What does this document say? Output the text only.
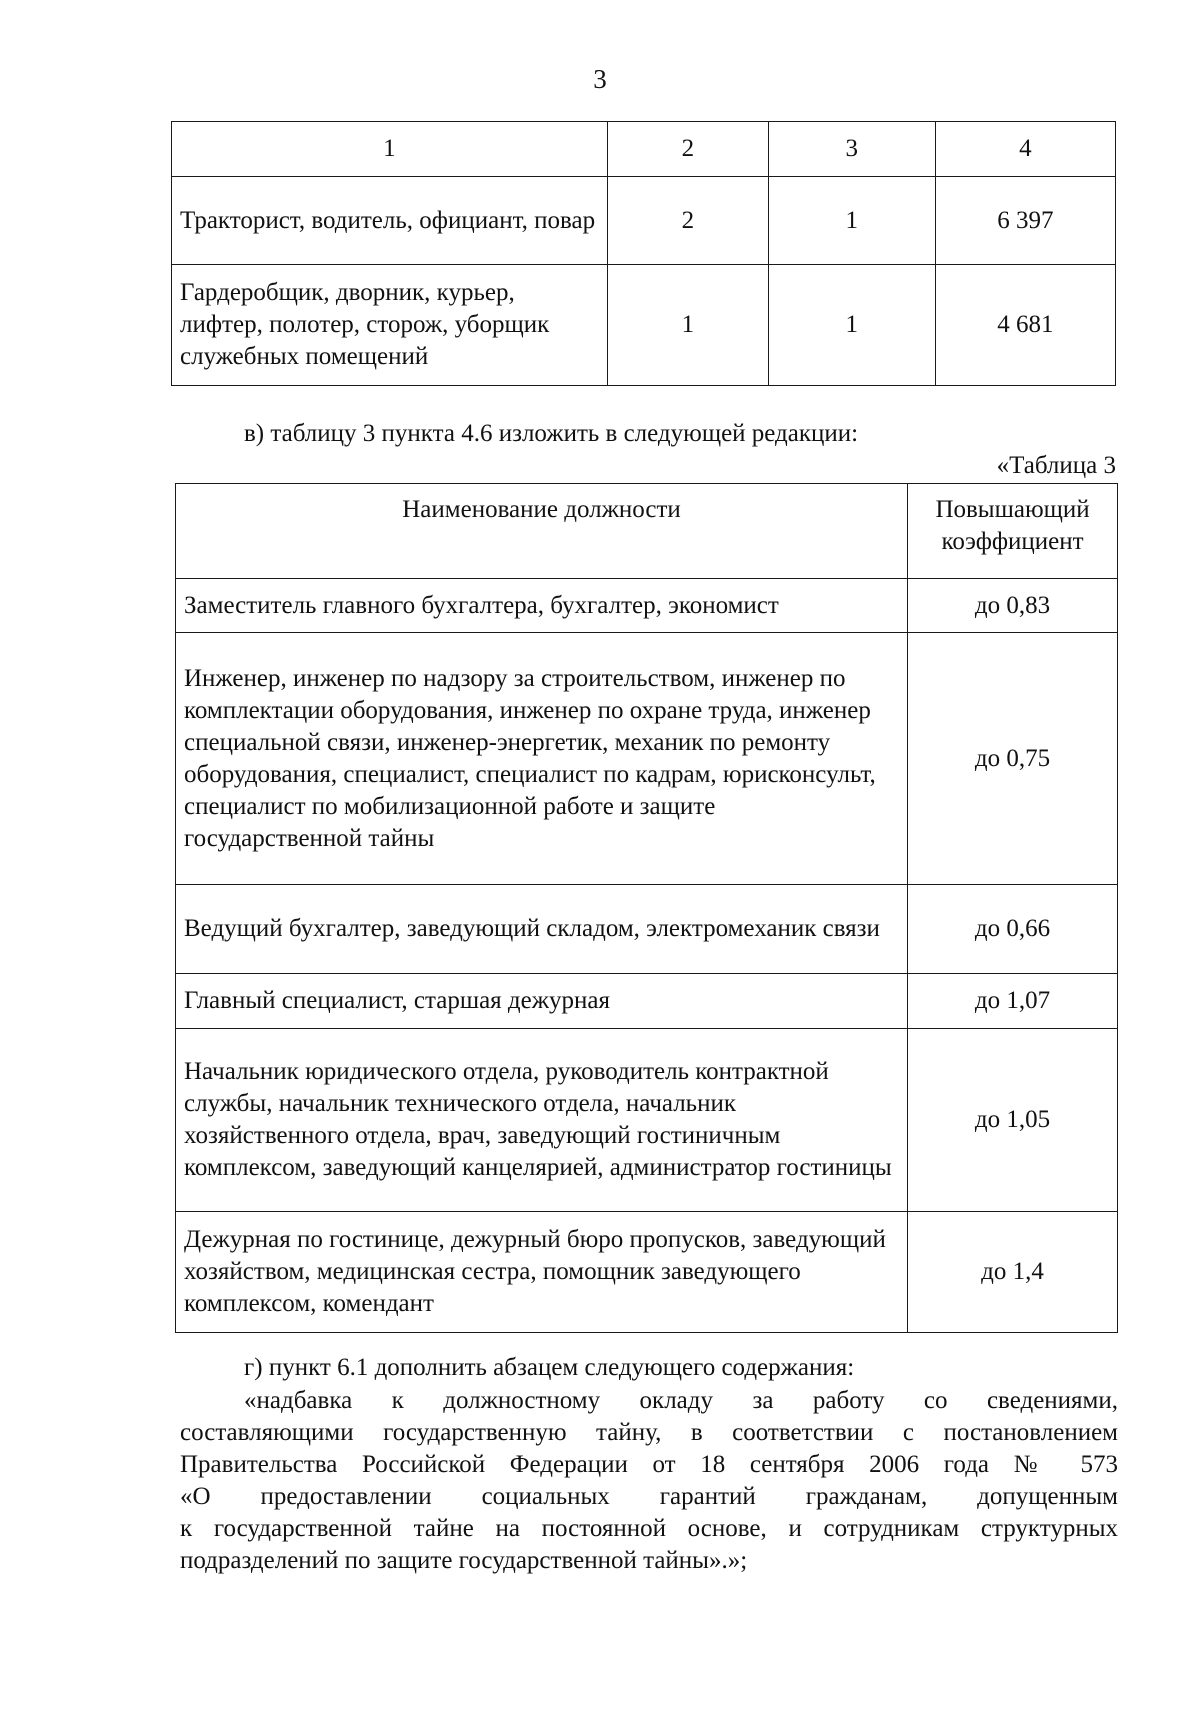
3
1	2	3	4
Тракторист, водитель, официант, повар	2	1	6 397
Гардеробщик, дворник, курьер, лифтер, полотер, сторож, уборщик служебных помещений	1	1	4 681
в) таблицу 3 пункта 4.6 изложить в следующей редакции:
«Таблица 3
Наименование должности	Повышающий коэффициент
Заместитель главного бухгалтера, бухгалтер, экономист	до 0,83
Инженер, инженер по надзору за строительством, инженер по комплектации оборудования, инженер по охране труда, инженер специальной связи, инженер-энергетик, механик по ремонту оборудования, специалист, специалист по кадрам, юрисконсульт, специалист по мобилизационной работе и защите государственной тайны	до 0,75
Ведущий бухгалтер, заведующий складом, электромеханик связи	до 0,66
Главный специалист, старшая дежурная	до 1,07
Начальник юридического отдела, руководитель контрактной службы, начальник технического отдела, начальник хозяйственного отдела, врач, заведующий гостиничным комплексом, заведующий канцелярией, администратор гостиницы	до 1,05
Дежурная по гостинице, дежурный бюро пропусков, заведующий хозяйством, медицинская сестра, помощник заведующего комплексом, комендант	до 1,4
г) пункт 6.1 дополнить абзацем следующего содержания:
«надбавка к должностному окладу за работу со сведениями,
составляющими государственную тайну, в соответствии с постановлением
Правительства Российской Федерации от 18 сентября 2006 года № 573
«О предоставлении социальных гарантий гражданам, допущенным
к государственной тайне на постоянной основе, и сотрудникам структурных
подразделений по защите государственной тайны».»;
